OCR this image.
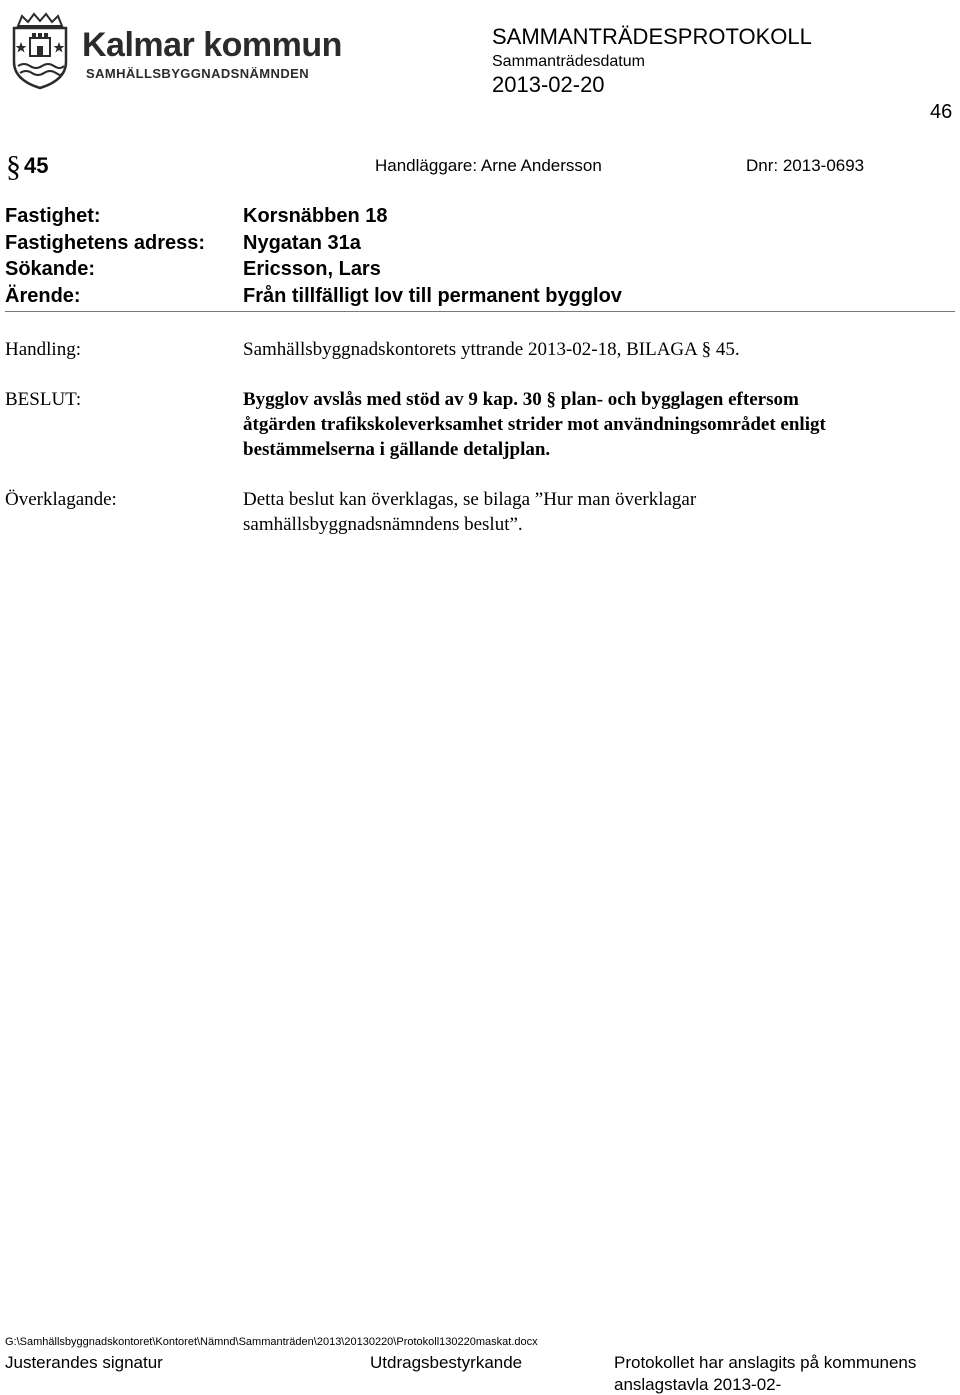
Kalmar kommun
SAMHÄLLSBYGGNADSNÄMNDEN
SAMMANTRÄDESPROTOKOLL
Sammanträdesdatum
2013-02-20
46
§ 45	Handläggare: Arne Andersson	Dnr: 2013-0693
Fastighet:	Korsnäbben 18
Fastighetens adress: Nygatan 31a
Sökande:	Ericsson, Lars
Ärende:	Från tillfälligt lov till permanent bygglov
Handling:	Samhällsbyggnadskontorets yttrande 2013-02-18, BILAGA § 45.
BESLUT:	Bygglov avslås med stöd av 9 kap. 30 § plan- och bygglagen eftersom
åtgärden trafikskoleverksamhet strider mot användningsområdet enligt
bestämmelserna i gällande detaljplan.
Överklagande:	Detta beslut kan överklagas, se bilaga ”Hur man överklagar
samhällsbyggnadsnämndens beslut”.
G:\Samhällsbyggnadskontoret\Kontoret\Nämnd\Sammanträden\2013\20130220\Protokoll130220maskat.docx
Justerandes signatur	Utdragsbestyrkande	Protokollet har anslagits på kommunens
anslagstavla 2013-02-
